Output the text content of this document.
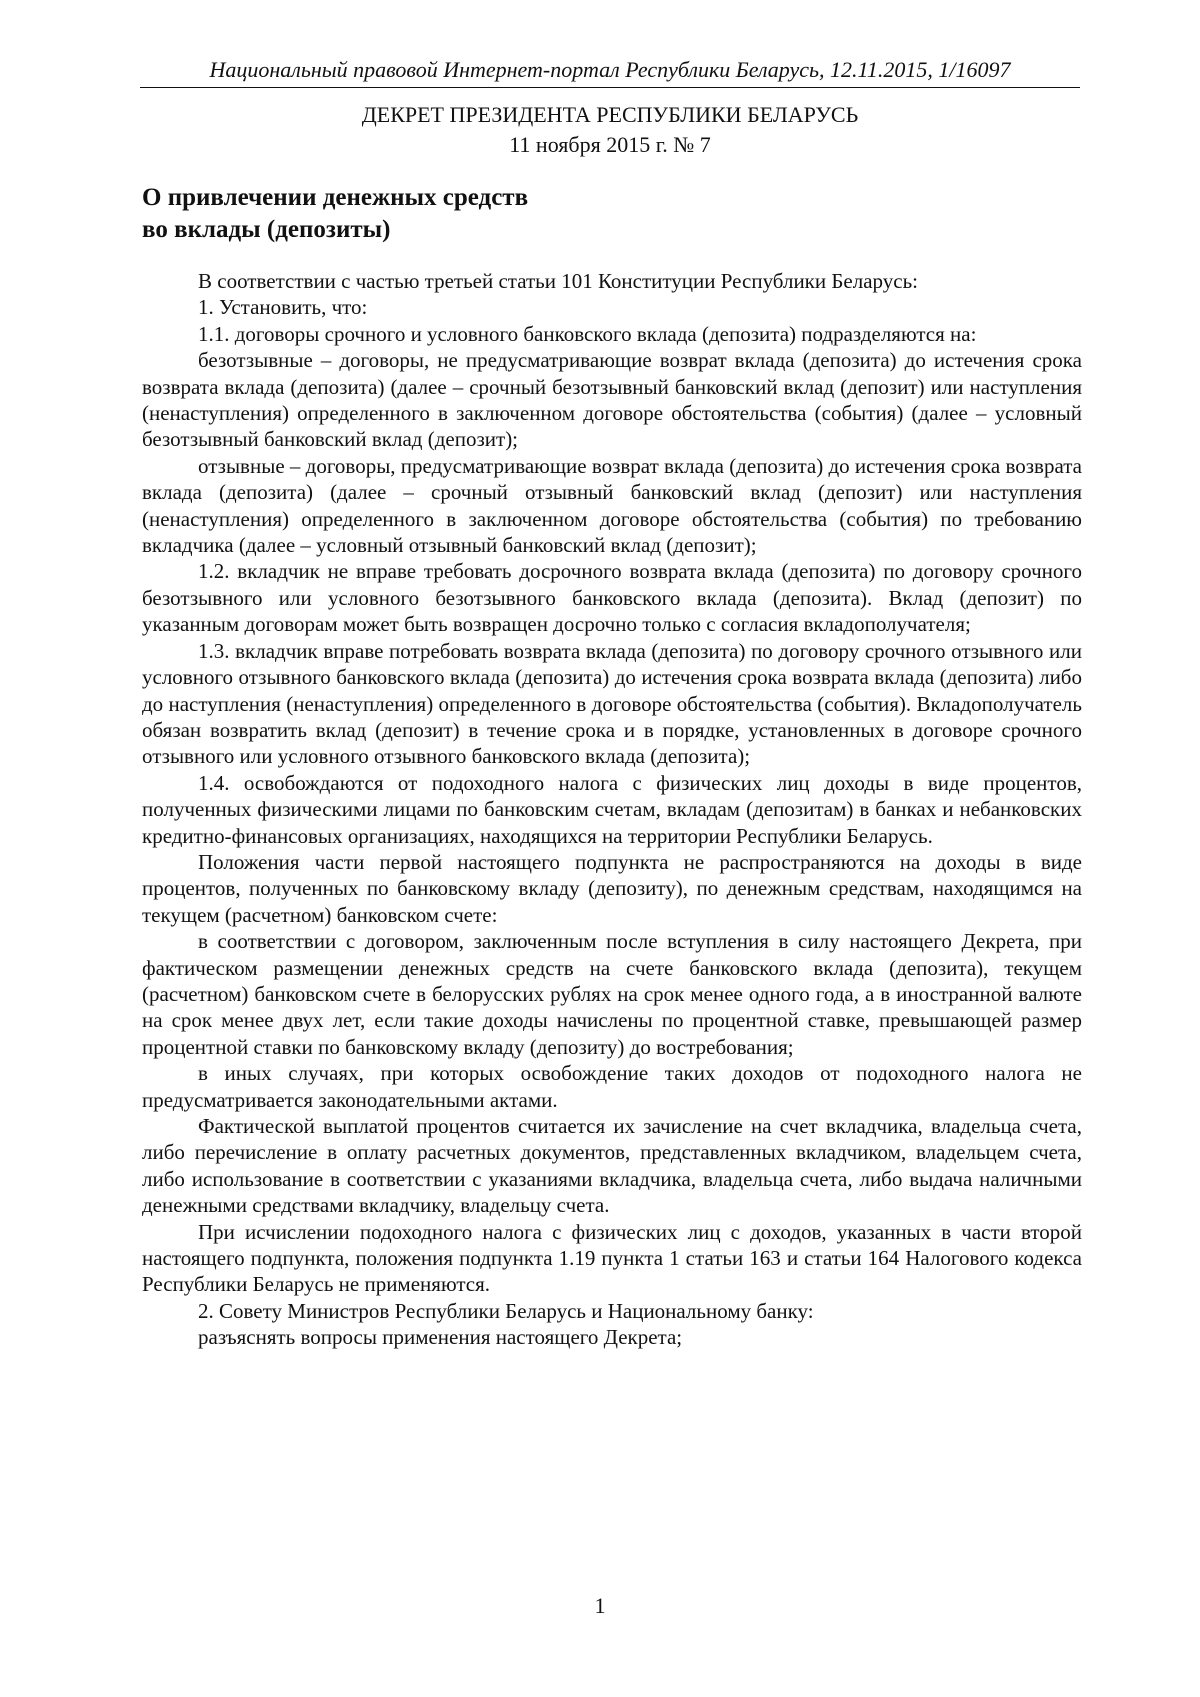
Национальный правовой Интернет-портал Республики Беларусь, 12.11.2015, 1/16097
ДЕКРЕТ ПРЕЗИДЕНТА РЕСПУБЛИКИ БЕЛАРУСЬ
11 ноября 2015 г. № 7
О привлечении денежных средств
во вклады (депозиты)

В соответствии с частью третьей статьи 101 Конституции Республики Беларусь:

1. Установить, что:

1.1. договоры срочного и условного банковского вклада (депозита) подразделяются на:

безотзывные – договоры, не предусматривающие возврат вклада (депозита) до истечения срока возврата вклада (депозита) (далее – срочный безотзывный банковский вклад (депозит) или наступления (ненаступления) определенного в заключенном договоре обстоятельства (события) (далее – условный безотзывный банковский вклад (депозит);

отзывные – договоры, предусматривающие возврат вклада (депозита) до истечения срока возврата вклада (депозита) (далее – срочный отзывный банковский вклад (депозит) или наступления (ненаступления) определенного в заключенном договоре обстоятельства (события) по требованию вкладчика (далее – условный отзывный банковский вклад (депозит);

1.2. вкладчик не вправе требовать досрочного возврата вклада (депозита) по договору срочного безотзывного или условного безотзывного банковского вклада (депозита). Вклад (депозит) по указанным договорам может быть возвращен досрочно только с согласия вкладополучателя;

1.3. вкладчик вправе потребовать возврата вклада (депозита) по договору срочного отзывного или условного отзывного банковского вклада (депозита) до истечения срока возврата вклада (депозита) либо до наступления (ненаступления) определенного в договоре обстоятельства (события). Вкладополучатель обязан возвратить вклад (депозит) в течение срока и в порядке, установленных в договоре срочного отзывного или условного отзывного банковского вклада (депозита);

1.4. освобождаются от подоходного налога с физических лиц доходы в виде процентов, полученных физическими лицами по банковским счетам, вкладам (депозитам) в банках и небанковских кредитно-финансовых организациях, находящихся на территории Республики Беларусь.

Положения части первой настоящего подпункта не распространяются на доходы в виде процентов, полученных по банковскому вкладу (депозиту), по денежным средствам, находящимся на текущем (расчетном) банковском счете:

в соответствии с договором, заключенным после вступления в силу настоящего Декрета, при фактическом размещении денежных средств на счете банковского вклада (депозита), текущем (расчетном) банковском счете в белорусских рублях на срок менее одного года, а в иностранной валюте на срок менее двух лет, если такие доходы начислены по процентной ставке, превышающей размер процентной ставки по банковскому вкладу (депозиту) до востребования;

в иных случаях, при которых освобождение таких доходов от подоходного налога не предусматривается законодательными актами.

Фактической выплатой процентов считается их зачисление на счет вкладчика, владельца счета, либо перечисление в оплату расчетных документов, представленных вкладчиком, владельцем счета, либо использование в соответствии с указаниями вкладчика, владельца счета, либо выдача наличными денежными средствами вкладчику, владельцу счета.

При исчислении подоходного налога с физических лиц с доходов, указанных в части второй настоящего подпункта, положения подпункта 1.19 пункта 1 статьи 163 и статьи 164 Налогового кодекса Республики Беларусь не применяются.

2. Совету Министров Республики Беларусь и Национальному банку:

разъяснять вопросы применения настоящего Декрета;

1
